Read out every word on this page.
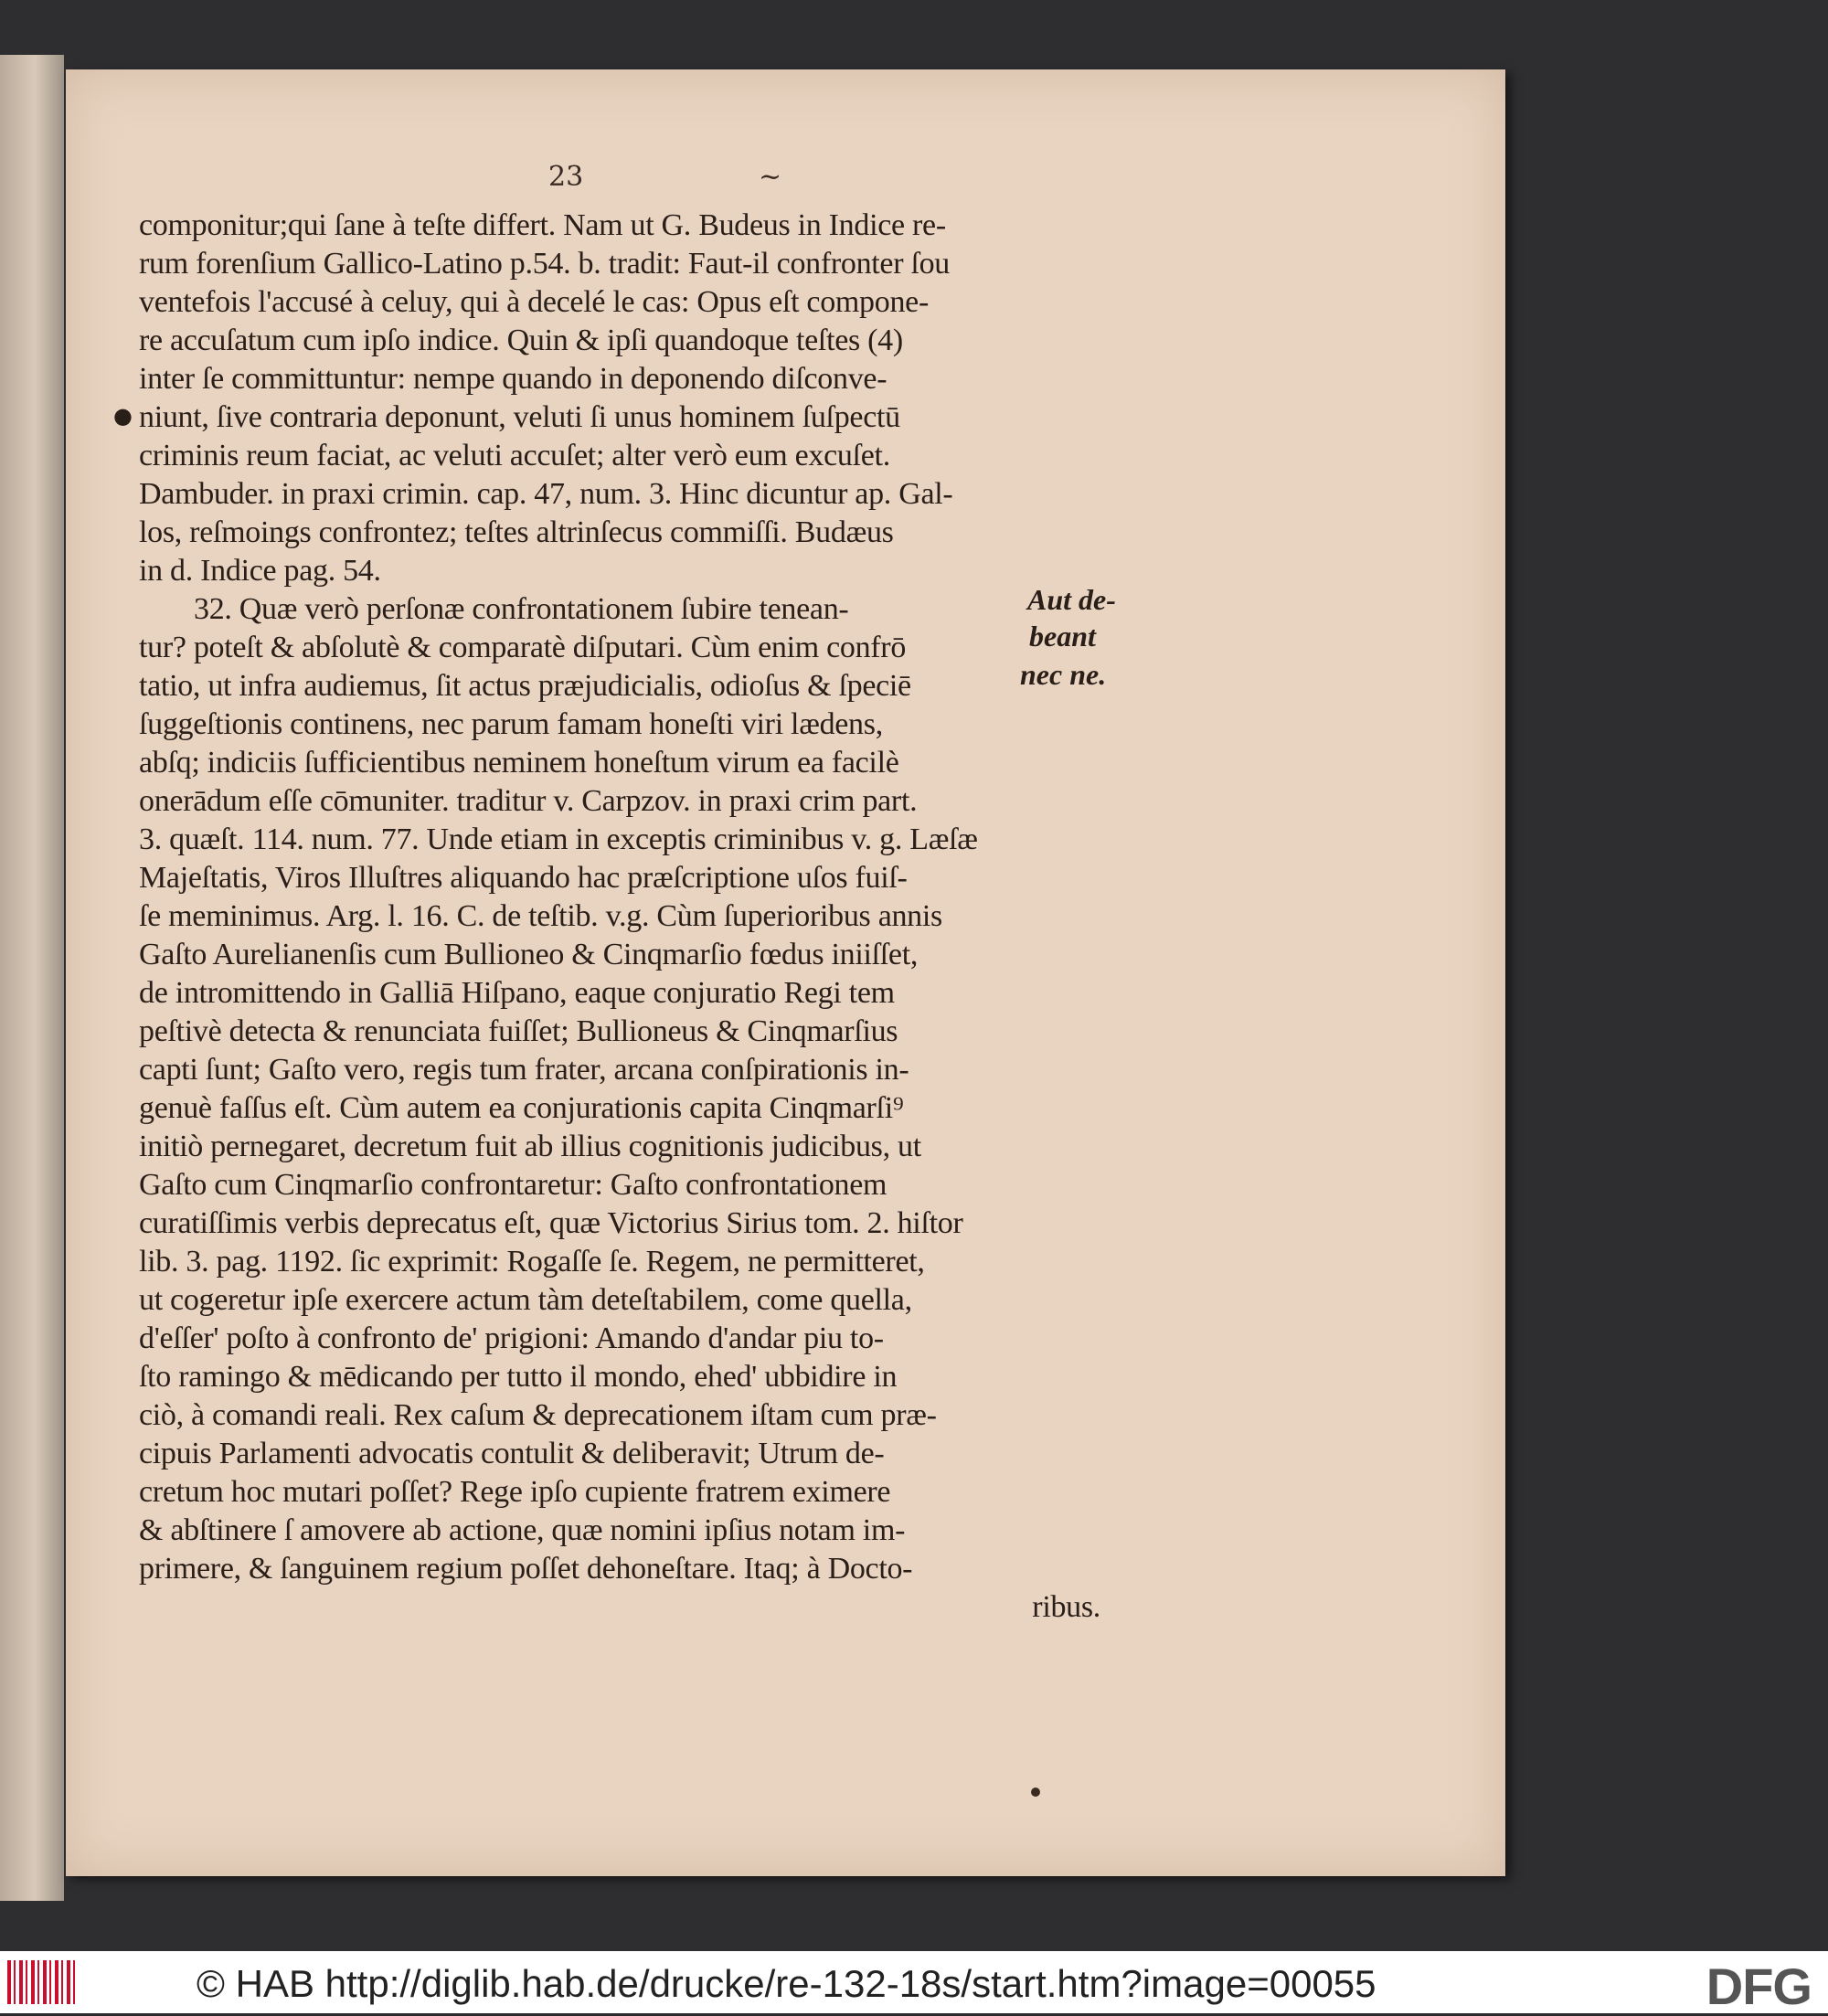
23	~
●
componitur;qui ſane à teſte differt. Nam ut G. Budeus in Indice re-
rum forenſium Gallico-Latino p.54. b. tradit: Faut-il confronter ſou
ventefois l'accusé à celuy, qui à decelé le cas: Opus eſt compone-
re accuſatum cum ipſo indice. Quin & ipſi quandoque teſtes (4)
inter ſe committuntur: nempe quando in deponendo diſconve-
niunt, ſive contraria deponunt, veluti ſi unus hominem ſuſpectū
criminis reum faciat, ac veluti accuſet; alter verò eum excuſet.
Dambuder. in praxi crimin. cap. 47, num. 3. Hinc dicuntur ap. Gal-
los, reſmoings confrontez; teſtes altrinſecus commiſſi. Budæus
in d. Indice pag. 54.
32. Quæ verò perſonæ confrontationem ſubire tenean-
tur? poteſt & abſolutè & comparatè diſputari. Cùm enim confrō
tatio, ut infra audiemus, ſit actus præjudicialis, odioſus & ſpeciē
ſuggeſtionis continens, nec parum famam honeſti viri lædens,
abſq; indiciis ſufficientibus neminem honeſtum virum ea facilè
onerādum eſſe cōmuniter. traditur v. Carpzov. in praxi crim part.
3. quæſt. 114. num. 77. Unde etiam in exceptis criminibus v. g. Læſæ
Majeſtatis, Viros Illuſtres aliquando hac præſcriptione uſos fuiſ-
ſe meminimus. Arg. l. 16. C. de teſtib. v.g. Cùm ſuperioribus annis
Gaſto Aurelianenſis cum Bullioneo & Cinqmarſio fœdus iniiſſet,
de intromittendo in Galliā Hiſpano, eaque conjuratio Regi tem
peſtivè detecta & renunciata fuiſſet; Bullioneus & Cinqmarſius
capti ſunt; Gaſto vero, regis tum frater, arcana conſpirationis in-
genuè faſſus eſt. Cùm autem ea conjurationis capita Cinqmarſi⁹
initiò pernegaret, decretum fuit ab illius cognitionis judicibus, ut
Gaſto cum Cinqmarſio confrontaretur: Gaſto confrontationem
curatiſſimis verbis deprecatus eſt, quæ Victorius Sirius tom. 2. hiſtor
lib. 3. pag. 1192. ſic exprimit: Rogaſſe ſe. Regem, ne permitteret,
ut cogeretur ipſe exercere actum tàm deteſtabilem, come quella,
d'eſſer' poſto à confronto de' prigioni: Amando d'andar piu to-
ſto ramingo & mēdicando per tutto il mondo, ehed' ubbidire in
ciò, à comandi reali. Rex caſum & deprecationem iſtam cum præ-
cipuis Parlamenti advocatis contulit & deliberavit; Utrum de-
cretum hoc mutari poſſet? Rege ipſo cupiente fratrem eximere
& abſtinere ſ amovere ab actione, quæ nomini ipſius notam im-
primere, & ſanguinem regium poſſet dehoneſtare. Itaq; à Docto-
ribus.
Aut de-
beant
nec ne.
© HAB http://diglib.hab.de/drucke/re-132-18s/start.htm?image=00055	DFG
